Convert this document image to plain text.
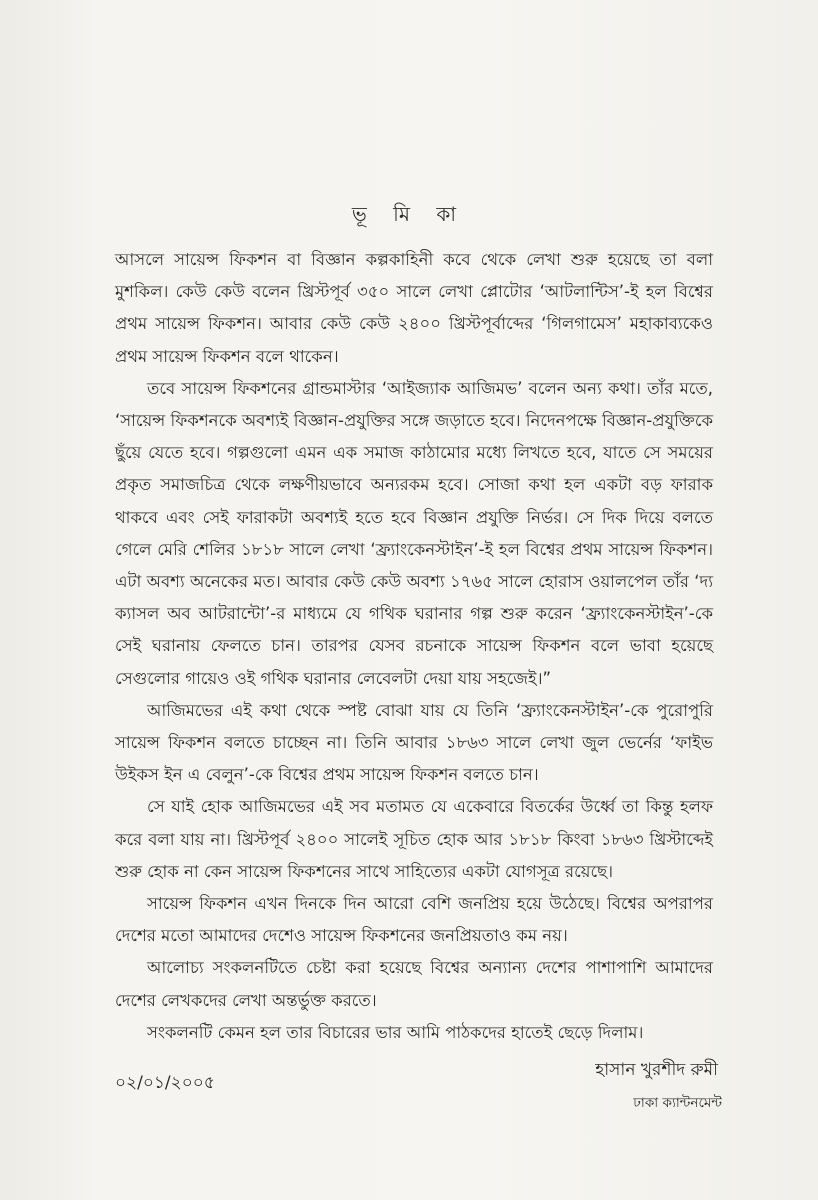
ভূ মি কা

আসলে সায়েন্স ফিকশন বা বিজ্ঞান কল্পকাহিনী কবে থেকে লেখা শুরু হয়েছে তা বলা মুশকিল। কেউ কেউ বলেন খ্রিস্টপূর্ব ৩৫০ সালে লেখা প্লোটোর ‘আটলান্টিস’-ই হল বিশ্বের প্রথম সায়েন্স ফিকশন। আবার কেউ কেউ ২৪০০ খ্রিস্টপূর্বাব্দের ‘গিলগামেস’ মহাকাব্যকেও প্রথম সায়েন্স ফিকশন বলে থাকেন।

তবে সায়েন্স ফিকশনের গ্রান্ডমাস্টার ‘আইজ্যাক আজিমভ’ বলেন অন্য কথা। তাঁর মতে, ‘সায়েন্স ফিকশনকে অবশ্যই বিজ্ঞান-প্রযুক্তির সঙ্গে জড়াতে হবে। নিদেনপক্ষে বিজ্ঞান-প্রযুক্তিকে ছুঁয়ে যেতে হবে। গল্পগুলো এমন এক সমাজ কাঠামোর মধ্যে লিখতে হবে, যাতে সে সময়ের প্রকৃত সমাজচিত্র থেকে লক্ষণীয়ভাবে অন্যরকম হবে। সোজা কথা হল একটা বড় ফারাক থাকবে এবং সেই ফারাকটা অবশ্যই হতে হবে বিজ্ঞান প্রযুক্তি নির্ভর। সে দিক দিয়ে বলতে গেলে মেরি শেলির ১৮১৮ সালে লেখা ‘ফ্র্যাংকেনস্টাইন’-ই হল বিশ্বের প্রথম সায়েন্স ফিকশন। এটা অবশ্য অনেকের মত। আবার কেউ কেউ অবশ্য ১৭৬৫ সালে হোরাস ওয়ালপেল তাঁর ‘দ্য ক্যাসল অব আটরান্টো’-র মাধ্যমে যে গথিক ঘরানার গল্প শুরু করেন ‘ফ্র্যাংকেনস্টাইন’-কে সেই ঘরানায় ফেলতে চান। তারপর যেসব রচনাকে সায়েন্স ফিকশন বলে ভাবা হয়েছে সেগুলোর গায়েও ওই গথিক ঘরানার লেবেলটা দেয়া যায় সহজেই।”

আজিমভের এই কথা থেকে স্পষ্ট বোঝা যায় যে তিনি ‘ফ্র্যাংকেনস্টাইন’-কে পুরোপুরি সায়েন্স ফিকশন বলতে চাচ্ছেন না। তিনি আবার ১৮৬৩ সালে লেখা জুল ভের্নের ‘ফাইভ উইকস ইন এ বেলুন’-কে বিশ্বের প্রথম সায়েন্স ফিকশন বলতে চান।

সে যাই হোক আজিমভের এই সব মতামত যে একেবারে বিতর্কের উর্ধ্বে তা কিন্তু হলফ করে বলা যায় না। খ্রিস্টপূর্ব ২৪০০ সালেই সূচিত হোক আর ১৮১৮ কিংবা ১৮৬৩ খ্রিস্টাব্দেই শুরু হোক না কেন সায়েন্স ফিকশনের সাথে সাহিত্যের একটা যোগসূত্র রয়েছে।

সায়েন্স ফিকশন এখন দিনকে দিন আরো বেশি জনপ্রিয় হয়ে উঠেছে। বিশ্বের অপরাপর দেশের মতো আমাদের দেশেও সায়েন্স ফিকশনের জনপ্রিয়তাও কম নয়।

আলোচ্য সংকলনটিতে চেষ্টা করা হয়েছে বিশ্বের অন্যান্য দেশের পাশাপাশি আমাদের দেশের লেখকদের লেখা অন্তর্ভুক্ত করতে।

সংকলনটি কেমন হল তার বিচারের ভার আমি পাঠকদের হাতেই ছেড়ে দিলাম।

০২/০১/২০০৫
হাসান খুরশীদ রুমী
ঢাকা ক্যান্টনমেন্ট
